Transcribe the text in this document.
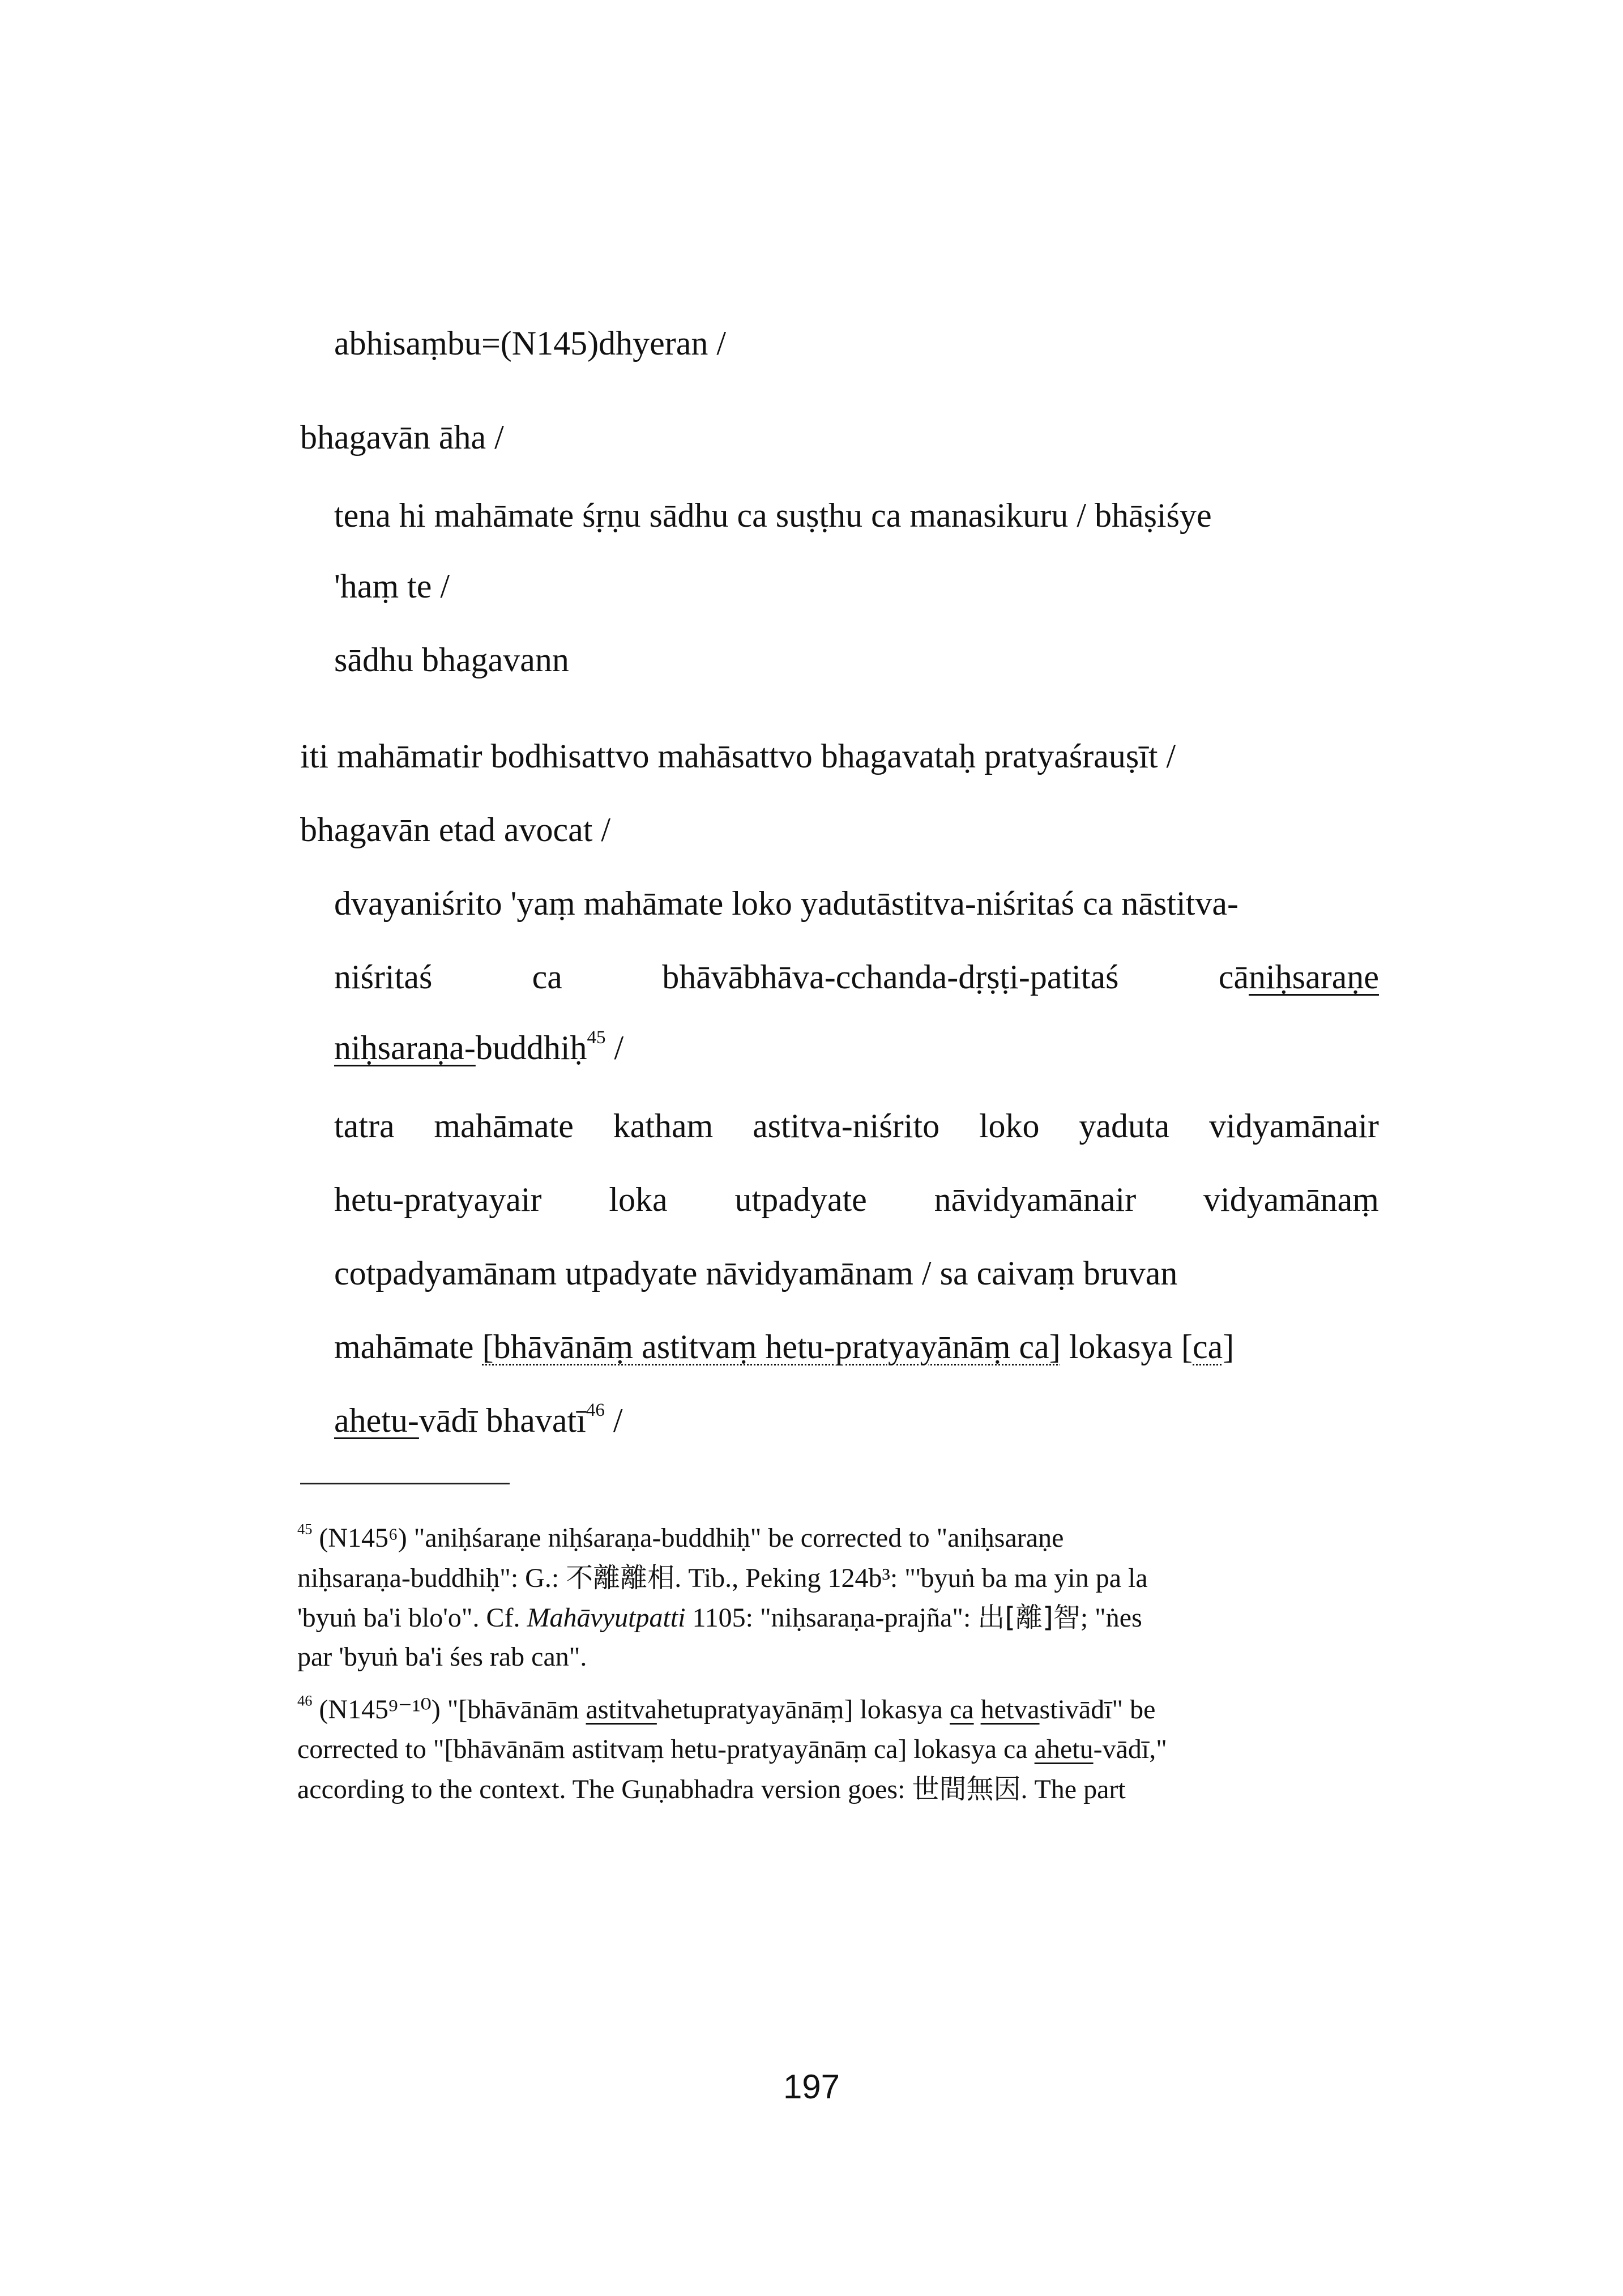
abhisaṃbu=(N145)dhyeran /
bhagavān āha /
tena hi mahāmate śṛṇu sādhu ca suṣṭhu ca manasikuru / bhāṣiśye
'haṃ te /
sādhu bhagavann
iti mahāmatir bodhisattvo mahāsattvo bhagavataḥ pratyaśrauṣīt /
bhagavān etad avocat /
dvayaniśrito 'yaṃ mahāmate loko yadutāstitva-niśritaś ca nāstitva-
niśritaś	ca	bhāvābhāva-cchanda-dṛṣṭi-patitaś	cāniḥsaraṇe
niḥsaraṇa-buddhiḥ$^{45}$ /
tatra mahāmate katham astitva-niśrito loko yaduta vidyamānair
hetu-pratyayair loka utpadyate nāvidyamānair vidyamānaṃ
cotpadyamānam utpadyate nāvidyamānam / sa caivaṃ bruvan
mahāmate [bhāvānāṃ astitvaṃ hetu-pratyayānāṃ ca] lokasya [ca]
ahetu-vādī bhavatī$^{46}$ /
$^{45}$ (N145⁶) "aniḥśaraṇe niḥśaraṇa-buddhiḥ" be corrected to "aniḥsaraṇe
niḥsaraṇa-buddhiḥ": G.: 不離離相. Tib., Peking 124b³: "'byuṅ ba ma yin pa la
'byuṅ ba'i blo'o". Cf. Mahāvyutpatti 1105: "niḥsaraṇa-prajña": 出[離]智; "ṅes
par 'byuṅ ba'i śes rab can".
$^{46}$ (N145⁹⁻¹⁰) "[bhāvānām astitvahetupratyayānāṃ] lokasya ca hetvastivādī" be
corrected to "[bhāvānām astitvaṃ hetu-pratyayānāṃ ca] lokasya ca ahetu-vādī,"
according to the context. The Guṇabhadra version goes: 世間無因. The part
197
